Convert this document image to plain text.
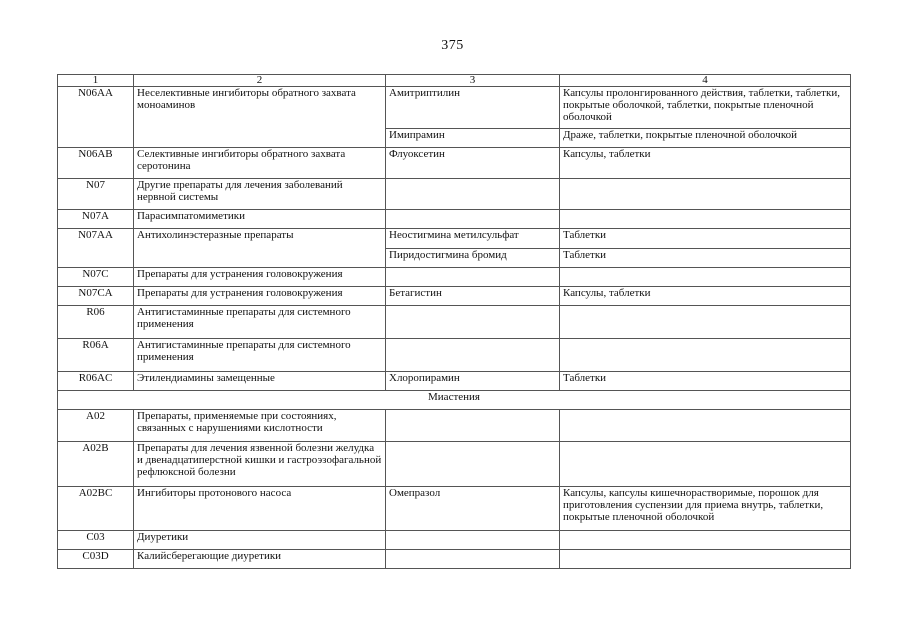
375
1	2	3	4
N06AA	Неселективные ингибиторы обратного захвата моноаминов	Амитриптилин	Капсулы пролонгированного действия, таблетки, таблетки, покрытые оболочкой, таблетки, покрытые пленочной оболочкой
		Имипрамин	Драже, таблетки, покрытые пленочной оболочкой
N06AB	Селективные ингибиторы обратного захвата серотонина	Флуоксетин	Капсулы, таблетки
N07	Другие препараты для лечения заболеваний нервной системы		
N07A	Парасимпатомиметики		
N07AA	Антихолинэстеразные препараты	Неостигмина метилсульфат	Таблетки
		Пиридостигмина бромид	Таблетки
N07C	Препараты для устранения головокружения		
N07CA	Препараты для устранения головокружения	Бетагистин	Капсулы, таблетки
R06	Антигистаминные препараты для системного применения		
R06A	Антигистаминные препараты для системного применения		
R06AC	Этилендиамины замещенные	Хлоропирамин	Таблетки
Миастения			
A02	Препараты, применяемые при состояниях, связанных с нарушениями кислотности		
A02B	Препараты для лечения язвенной болезни желудка и двенадцатиперстной кишки и гастроэзофагальной рефлюксной болезни		
A02BC	Ингибиторы протонового насоса	Омепразол	Капсулы, капсулы кишечнорастворимые, порошок для приготовления суспензии для приема внутрь, таблетки, покрытые пленочной оболочкой
C03	Диуретики		
C03D	Калийсберегающие диуретики		
